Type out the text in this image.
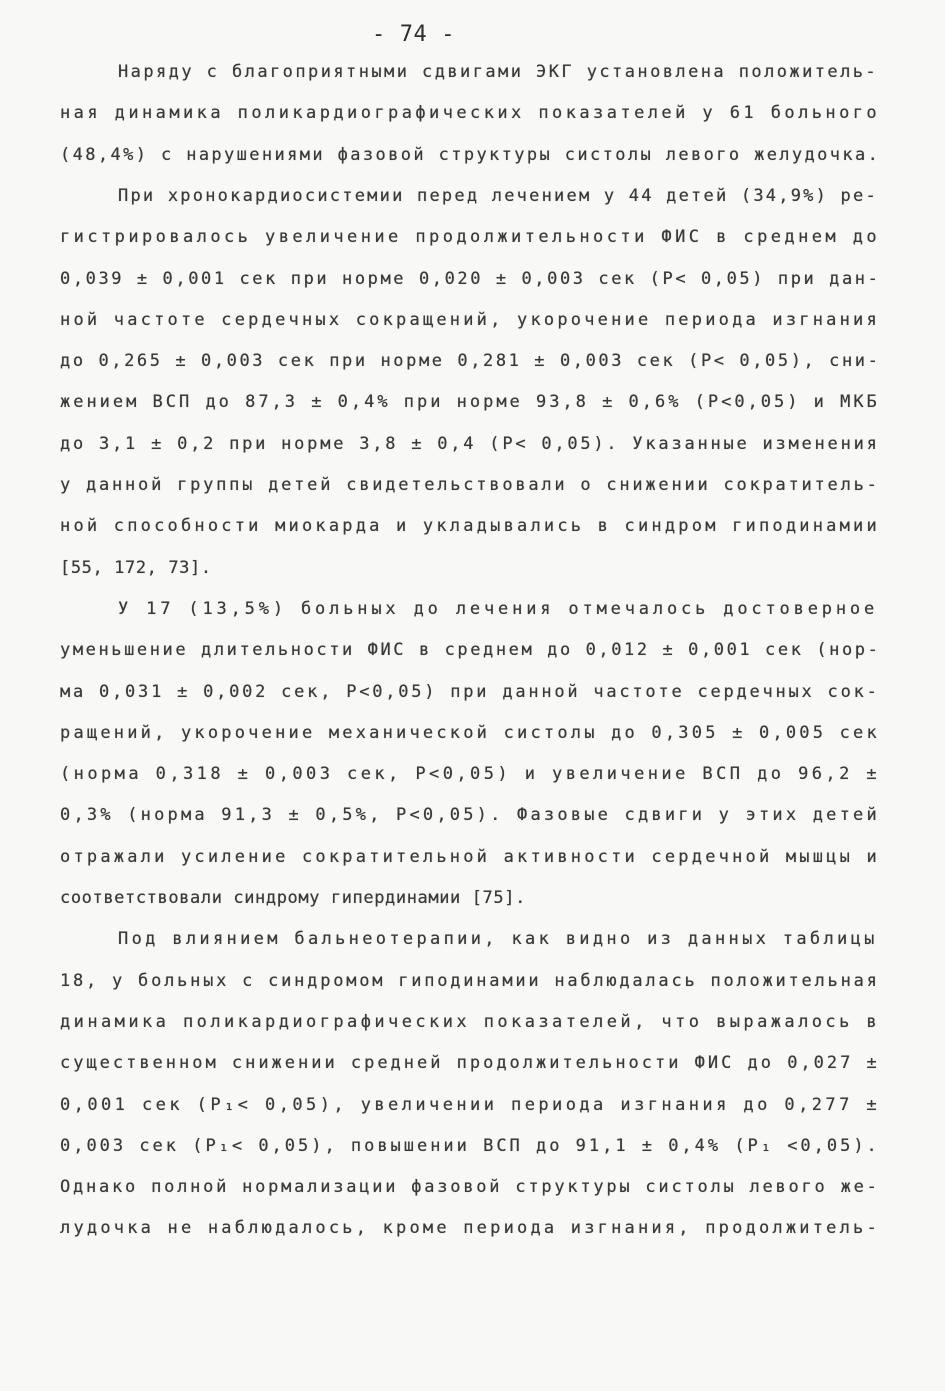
- 74 -
Наряду с благоприятными сдвигами ЭКГ установлена положитель-
ная динамика поликардиографических показателей у 61 больного
(48,4%) с нарушениями фазовой структуры систолы левого желудочка.
При хронокардиосистемии перед лечением у 44 детей (34,9%) ре-
гистрировалось увеличение продолжительности ФИС в среднем до
0,039 ± 0,001 сек при норме 0,020 ± 0,003 сек (P< 0,05) при дан-
ной частоте сердечных сокращений, укорочение периода изгнания
до 0,265 ± 0,003 сек при норме 0,281 ± 0,003 сек (P< 0,05), сни-
жением ВСП до 87,3 ± 0,4% при норме 93,8 ± 0,6% (P<0,05) и МКБ
до 3,1 ± 0,2 при норме 3,8 ± 0,4 (P< 0,05). Указанные изменения
у данной группы детей свидетельствовали о снижении сократитель-
ной способности миокарда и укладывались в синдром гиподинамии
[55, 172, 73].
У 17 (13,5%) больных до лечения отмечалось достоверное
уменьшение длительности ФИС в среднем до 0,012 ± 0,001 сек (нор-
ма 0,031 ± 0,002 сек, P<0,05) при данной частоте сердечных сок-
ращений, укорочение механической систолы до 0,305 ± 0,005 сек
(норма 0,318 ± 0,003 сек, P<0,05) и увеличение ВСП до 96,2 ±
0,3% (норма 91,3 ± 0,5%, P<0,05). Фазовые сдвиги у этих детей
отражали усиление сократительной активности сердечной мышцы и
соответствовали синдрому гипердинамии [75].
Под влиянием бальнеотерапии, как видно из данных таблицы
18, у больных с синдромом гиподинамии наблюдалась положительная
динамика поликардиографических показателей, что выражалось в
существенном снижении средней продолжительности ФИС до 0,027 ±
0,001 сек (P₁< 0,05), увеличении периода изгнания до 0,277 ±
0,003 сек (P₁< 0,05), повышении ВСП до 91,1 ± 0,4% (P₁ <0,05).
Однако полной нормализации фазовой структуры систолы левого же-
лудочка не наблюдалось, кроме периода изгнания, продолжитель-
